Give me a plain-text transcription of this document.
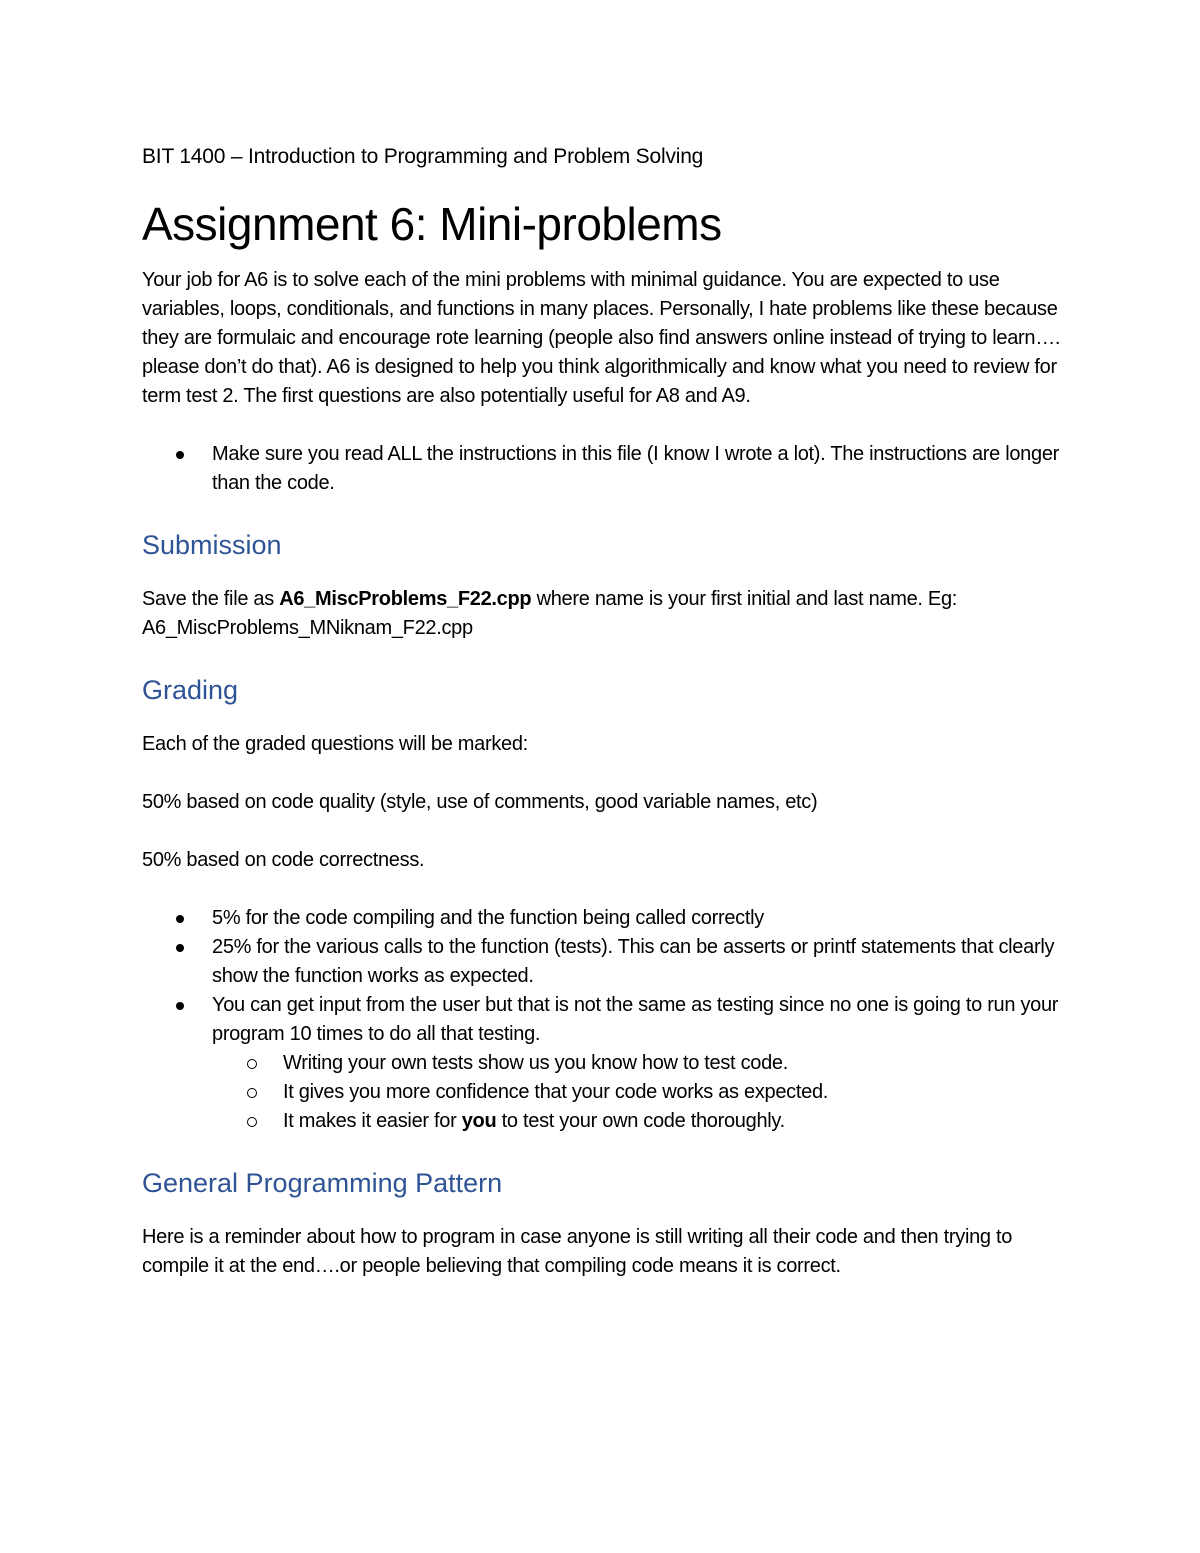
BIT 1400 – Introduction to Programming and Problem Solving

Assignment 6: Mini-problems

Your job for A6 is to solve each of the mini problems with minimal guidance. You are expected to use variables, loops, conditionals, and functions in many places. Personally, I hate problems like these because they are formulaic and encourage rote learning (people also find answers online instead of trying to learn…. please don’t do that). A6 is designed to help you think algorithmically and know what you need to review for term test 2. The first questions are also potentially useful for A8 and A9.

Make sure you read ALL the instructions in this file (I know I wrote a lot). The instructions are longer than the code.
Submission

Save the file as A6_MiscProblems_F22.cpp where name is your first initial and last name. Eg: A6_MiscProblems_MNiknam_F22.cpp

Grading

Each of the graded questions will be marked:

50% based on code quality (style, use of comments, good variable names, etc)

50% based on code correctness.

5% for the code compiling and the function being called correctly
25% for the various calls to the function (tests). This can be asserts or printf statements that clearly show the function works as expected.
You can get input from the user but that is not the same as testing since no one is going to run your program 10 times to do all that testing.
Writing your own tests show us you know how to test code.
It gives you more confidence that your code works as expected.
It makes it easier for you to test your own code thoroughly.
General Programming Pattern

Here is a reminder about how to program in case anyone is still writing all their code and then trying to compile it at the end….or people believing that compiling code means it is correct.
